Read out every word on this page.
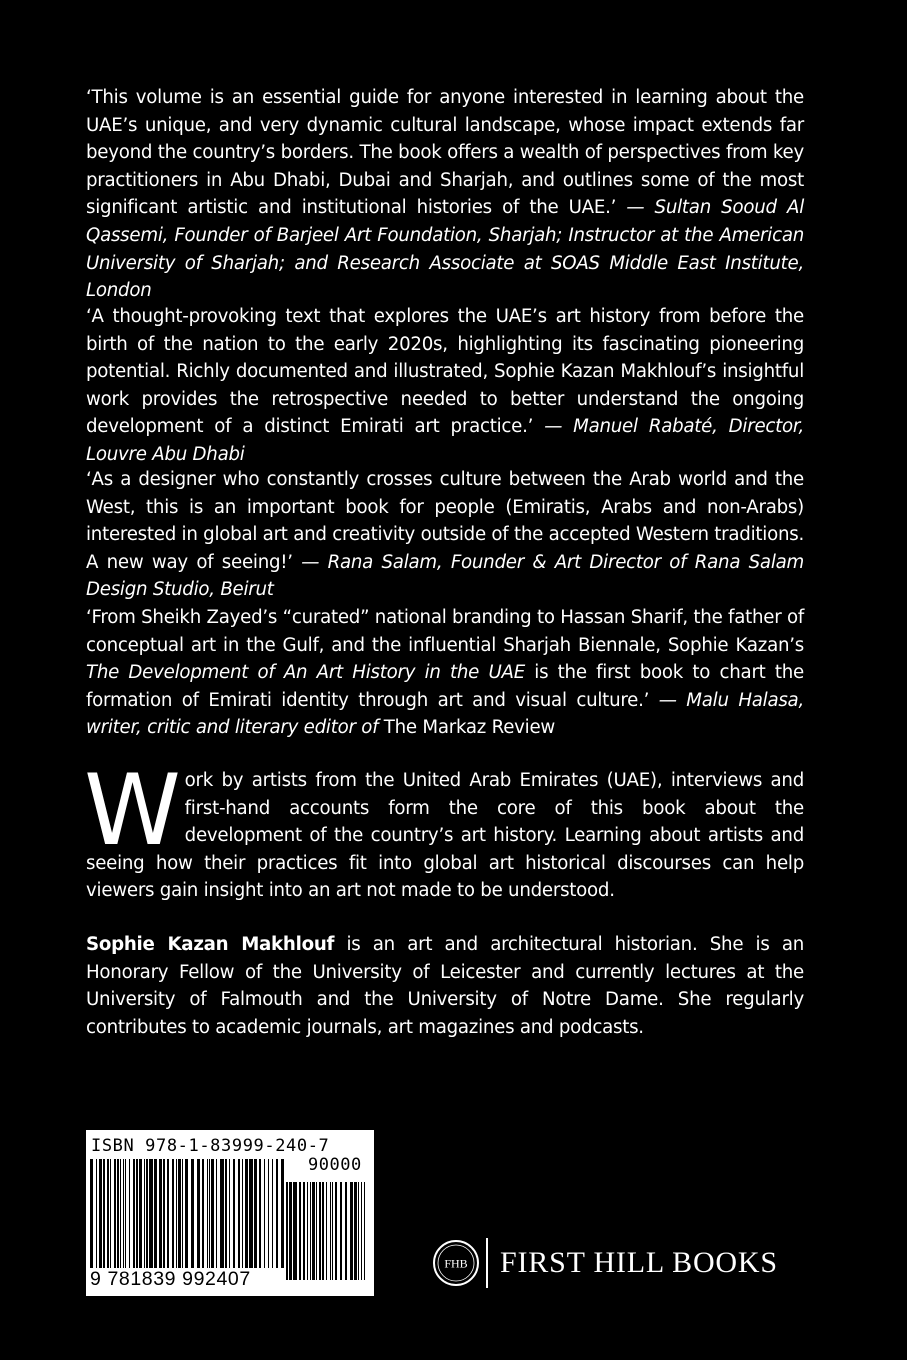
‘This volume is an essential guide for anyone interested in learning about the UAE’s unique, and very dynamic cultural landscape, whose impact extends far beyond the country’s borders. The book offers a wealth of perspectives from key practitioners in Abu Dhabi, Dubai and Sharjah, and outlines some of the most significant artistic and institutional histories of the UAE.’ — Sultan Sooud Al Qassemi, Founder of Barjeel Art Foundation, Sharjah; Instructor at the American University of Sharjah; and Research Associate at SOAS Middle East Institute, London

‘A thought-provoking text that explores the UAE’s art history from before the birth of the nation to the early 2020s, highlighting its fascinating pioneering potential. Richly documented and illustrated, Sophie Kazan Makhlouf’s insightful work provides the retrospective needed to better understand the ongoing development of a distinct Emirati art practice.’ — Manuel Rabaté, Director, Louvre Abu Dhabi

‘As a designer who constantly crosses culture between the Arab world and the West, this is an important book for people (Emiratis, Arabs and non-Arabs) interested in global art and creativity outside of the accepted Western traditions. A new way of seeing!’ — Rana Salam, Founder & Art Director of Rana Salam Design Studio, Beirut

‘From Sheikh Zayed’s “curated” national branding to Hassan Sharif, the father of conceptual art in the Gulf, and the influential Sharjah Biennale, Sophie Kazan’s The Development of An Art History in the UAE is the first book to chart the formation of Emirati identity through art and visual culture.’ — Malu Halasa, writer, critic and literary editor of The Markaz Review

Work by artists from the United Arab Emirates (UAE), interviews and first-hand accounts form the core of this book about the development of the country’s art history. Learning about artists and seeing how their practices fit into global art historical discourses can help viewers gain insight into an art not made to be understood.

Sophie Kazan Makhlouf is an art and architectural historian. She is an Honorary Fellow of the University of Leicester and currently lectures at the University of Falmouth and the University of Notre Dame. She regularly contributes to academic journals, art magazines and podcasts.

ISBN 978-1-83999-240-7
90000
9 781839 992407
FHB FIRST HILL BOOKS
